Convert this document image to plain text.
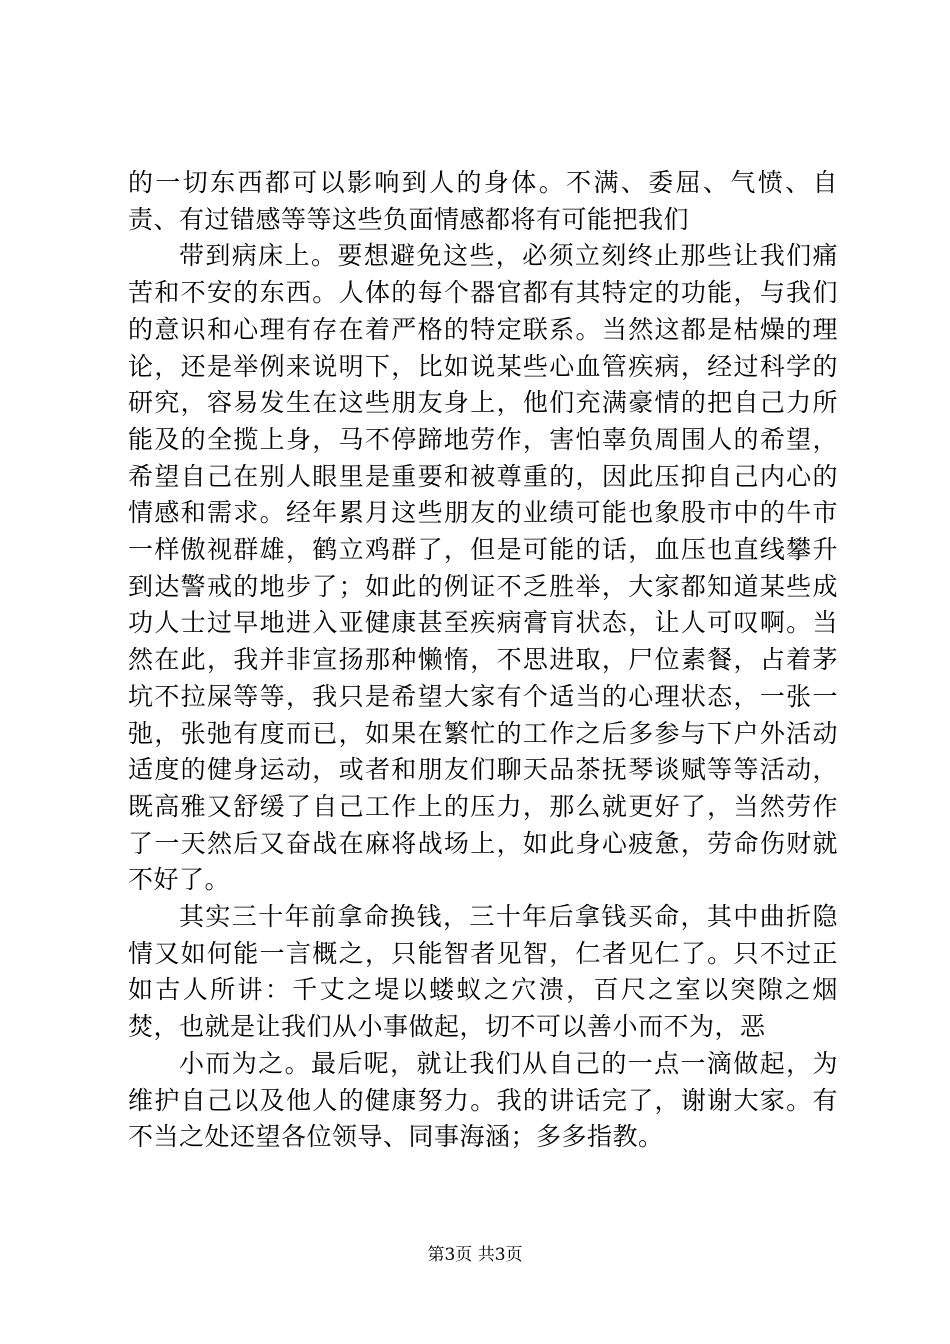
的一切东西都可以影响到人的身体。不满、委屈、气愤、自责、有过错感等等这些负面情感都将有可能把我们

带到病床上。要想避免这些，必须立刻终止那些让我们痛苦和不安的东西。人体的每个器官都有其特定的功能，与我们的意识和心理有存在着严格的特定联系。当然这都是枯燥的理论，还是举例来说明下，比如说某些心血管疾病，经过科学的研究，容易发生在这些朋友身上，他们充满豪情的把自己力所能及的全揽上身，马不停蹄地劳作，害怕辜负周围人的希望，希望自己在别人眼里是重要和被尊重的，因此压抑自己内心的情感和需求。经年累月这些朋友的业绩可能也象股市中的牛市一样傲视群雄，鹤立鸡群了，但是可能的话，血压也直线攀升到达警戒的地步了；如此的例证不乏胜举，大家都知道某些成功人士过早地进入亚健康甚至疾病膏肓状态，让人可叹啊。当然在此，我并非宣扬那种懒惰，不思进取，尸位素餐，占着茅坑不拉屎等等，我只是希望大家有个适当的心理状态，一张一弛，张弛有度而已，如果在繁忙的工作之后多参与下户外活动适度的健身运动，或者和朋友们聊天品茶抚琴谈赋等等活动，既高雅又舒缓了自己工作上的压力，那么就更好了，当然劳作了一天然后又奋战在麻将战场上，如此身心疲惫，劳命伤财就不好了。

其实三十年前拿命换钱，三十年后拿钱买命，其中曲折隐情又如何能一言概之，只能智者见智，仁者见仁了。只不过正如古人所讲：千丈之堤以蝼蚁之穴溃，百尺之室以突隙之烟焚，也就是让我们从小事做起，切不可以善小而不为，恶

小而为之。最后呢，就让我们从自己的一点一滴做起，为维护自己以及他人的健康努力。我的讲话完了，谢谢大家。有不当之处还望各位领导、同事海涵；多多指教。

第3页 共3页
